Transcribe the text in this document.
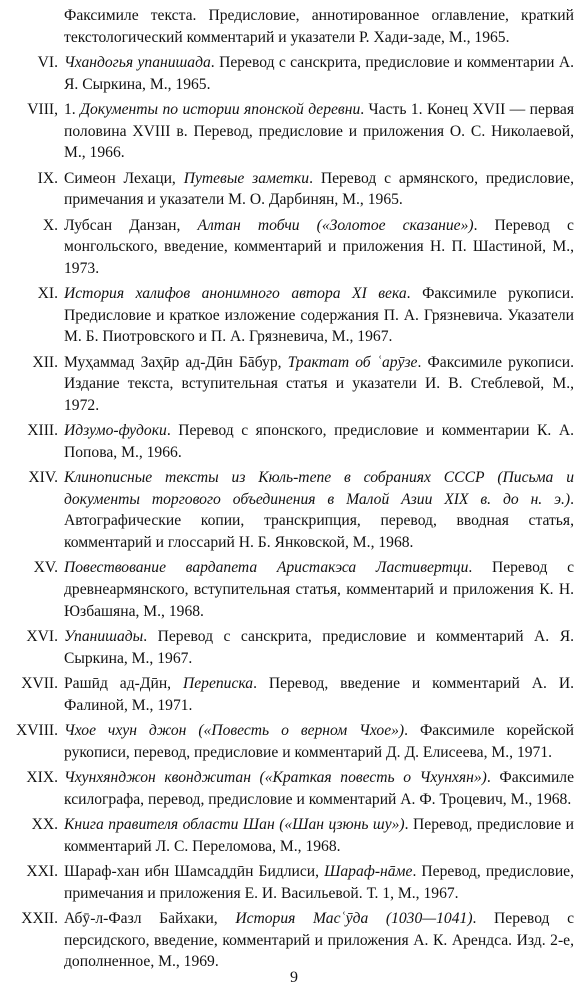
Факсимиле текста. Предисловие, аннотированное оглавление, краткий текстологический комментарий и указатели Р. Хади-заде, М., 1965.
VI. Чхандогья упанишада. Перевод с санскрита, предисловие и комментарии А. Я. Сыркина, М., 1965.
VIII, 1. Документы по истории японской деревни. Часть 1. Конец XVII — первая половина XVIII в. Перевод, предисловие и приложения О. С. Николаевой, М., 1966.
IX. Симеон Лехаци, Путевые заметки. Перевод с армянского, предисловие, примечания и указатели М. О. Дарбинян, М., 1965.
X. Лубсан Данзан, Алтан тобчи («Золотое сказание»). Перевод с монгольского, введение, комментарий и приложения Н. П. Шастиной, М., 1973.
XI. История халифов анонимного автора XI века. Факсимиле рукописи. Предисловие и краткое изложение содержания П. А. Грязневича. Указатели М. Б. Пиотровского и П. А. Грязневича, М., 1967.
XII. Муҳаммад Заҳӣр ад-Дӣн Бāбур, Трактат об ʿарӯзе. Факсимиле рукописи. Издание текста, вступительная статья и указатели И. В. Стеблевой, М., 1972.
XIII. Идзумо-фудоки. Перевод с японского, предисловие и комментарии К. А. Попова, М., 1966.
XIV. Клинописные тексты из Кюль-тепе в собраниях СССР (Письма и документы торгового объединения в Малой Азии XIX в. до н. э.). Автографические копии, транскрипция, перевод, вводная статья, комментарий и глоссарий Н. Б. Янковской, М., 1968.
XV. Повествование вардапета Аристакэса Ластивертци. Перевод с древнеармянского, вступительная статья, комментарий и приложения К. Н. Юзбашяна, М., 1968.
XVI. Упанишады. Перевод с санскрита, предисловие и комментарий А. Я. Сыркина, М., 1967.
XVII. Рашӣд ад-Дӣн, Переписка. Перевод, введение и комментарий А. И. Фалиной, М., 1971.
XVIII. Чхое чхун джон («Повесть о верном Чхое»). Факсимиле корейской рукописи, перевод, предисловие и комментарий Д. Д. Елисеева, М., 1971.
XIX. Чхунхянджон квонджитан («Краткая повесть о Чхунхян»). Факсимиле ксилографа, перевод, предисловие и комментарий А. Ф. Троцевич, М., 1968.
XX. Книга правителя области Шан («Шан цзюнь шу»). Перевод, предисловие и комментарий Л. С. Переломова, М., 1968.
XXI. Шараф-хан ибн Шамсаддӣн Бидлиси, Шараф-нāме. Перевод, предисловие, примечания и приложения Е. И. Васильевой. Т. 1, М., 1967.
XXII. Абӯ-л-Фазл Байхаки, История Масʿӯда (1030—1041). Перевод с персидского, введение, комментарий и приложения А. К. Арендса. Изд. 2-е, дополненное, М., 1969.
9
